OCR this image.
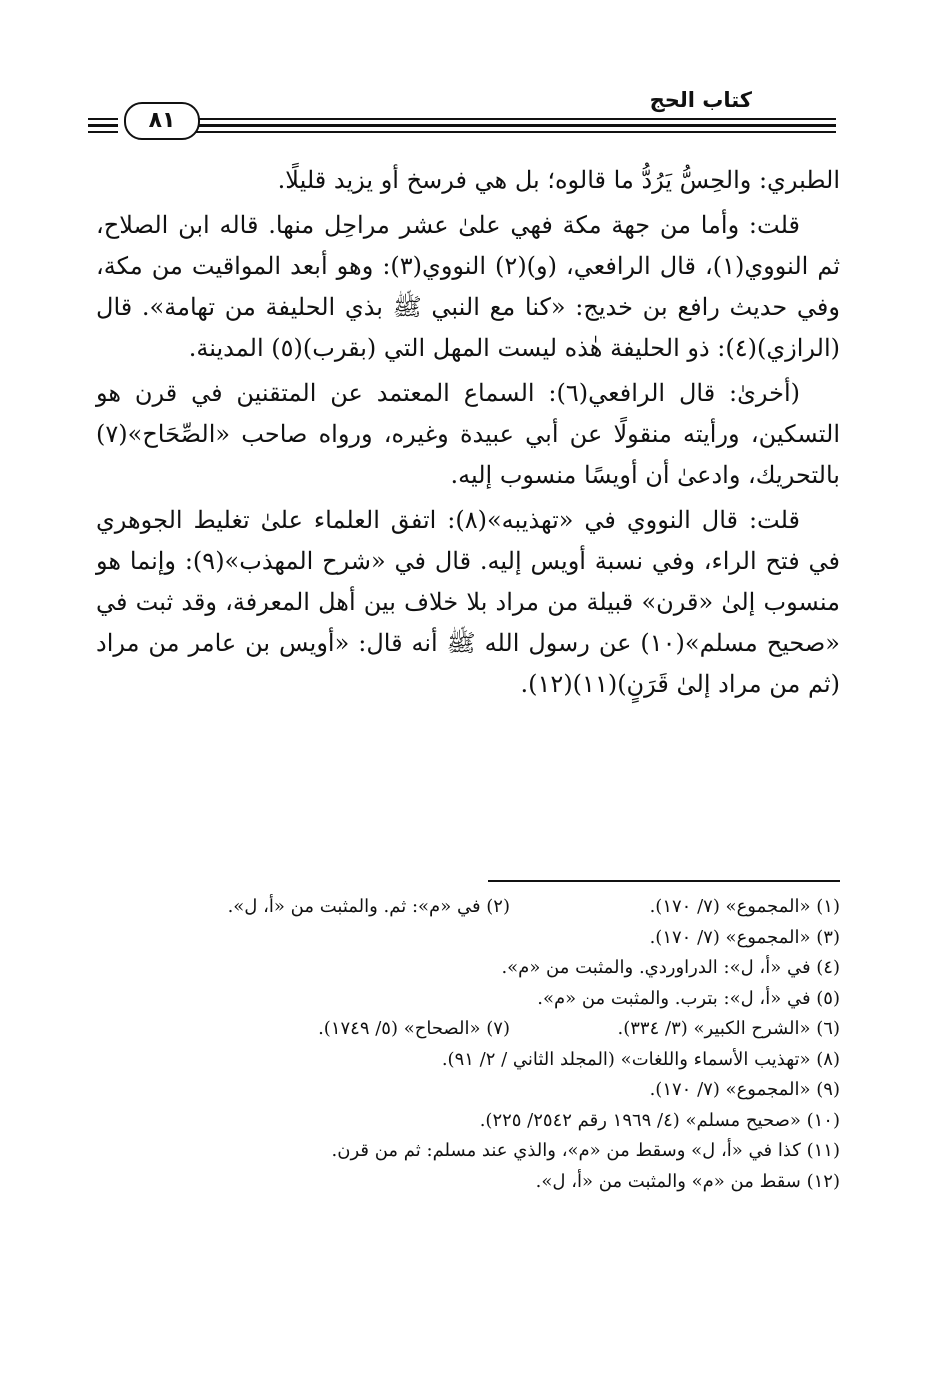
كتاب الحج
٨١

الطبري: والحِسُّ يَرُدُّ ما قالوه؛ بل هي فرسخ أو يزيد قليلًا.

قلت: وأما من جهة مكة فهي علىٰ عشر مراحِل منها. قاله ابن الصلاح، ثم النووي(١)، قال الرافعي، (و)(٢) النووي(٣): وهو أبعد المواقيت من مكة، وفي حديث رافع بن خديج: «كنا مع النبي ﷺ بذي الحليفة من تهامة». قال (الرازي)(٤): ذو الحليفة هٰذه ليست المهل التي (بقرب)(٥) المدينة.

(أخرىٰ: قال الرافعي(٦): السماع المعتمد عن المتقنين في قرن هو التسكين، ورأيته منقولًا عن أبي عبيدة وغيره، ورواه صاحب «الصِّحَاح»(٧) بالتحريك، وادعىٰ أن أويسًا منسوب إليه.

قلت: قال النووي في «تهذيبه»(٨): اتفق العلماء علىٰ تغليط الجوهري في فتح الراء، وفي نسبة أويس إليه. قال في «شرح المهذب»(٩): وإنما هو منسوب إلىٰ «قرن» قبيلة من مراد بلا خلاف بين أهل المعرفة، وقد ثبت في «صحيح مسلم»(١٠) عن رسول الله ﷺ أنه قال: «أويس بن عامر من مراد (ثم من مراد إلىٰ قَرَنٍ)(١١)(١٢).

(١) «المجموع» (٧/ ١٧٠).
(٢) في «م»: ثم. والمثبت من «أ، ل».
(٣) «المجموع» (٧/ ١٧٠).
(٤) في «أ، ل»: الدراوردي. والمثبت من «م».
(٥) في «أ، ل»: بترب. والمثبت من «م».
(٦) «الشرح الكبير» (٣/ ٣٣٤).
(٧) «الصحاح» (٥/ ١٧٤٩).
(٨) «تهذيب الأسماء واللغات» (المجلد الثاني / ٢/ ٩١).
(٩) «المجموع» (٧/ ١٧٠).
(١٠) «صحيح مسلم» (٤/ ١٩٦٩ رقم ٢٥٤٢/ ٢٢٥).
(١١) كذا في «أ، ل» وسقط من «م»، والذي عند مسلم: ثم من قرن.
(١٢) سقط من «م» والمثبت من «أ، ل».
